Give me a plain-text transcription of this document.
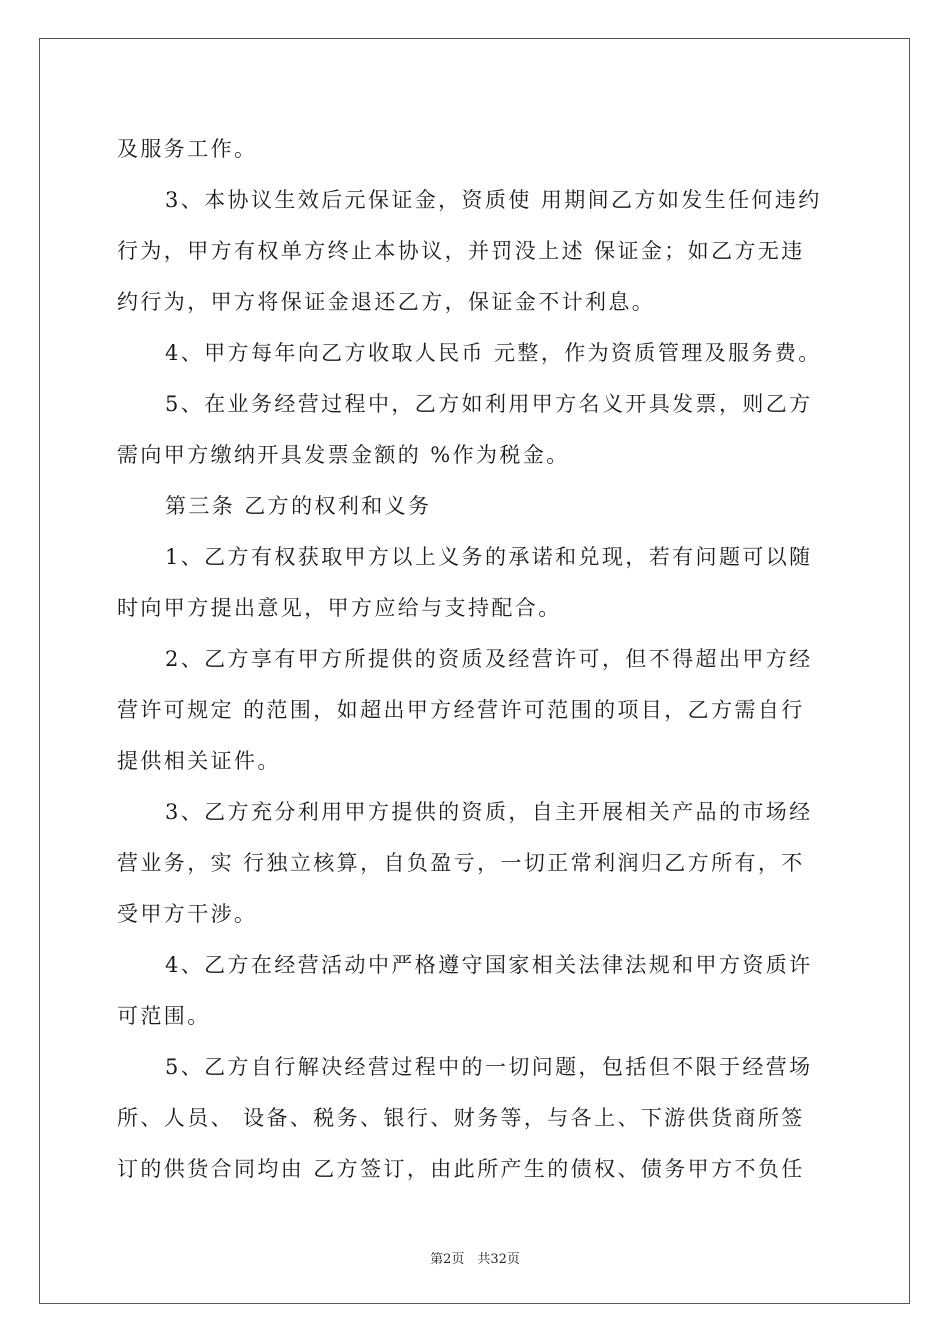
及服务工作。
3、本协议生效后元保证金，资质使 用期间乙方如发生任何违约
行为，甲方有权单方终止本协议，并罚没上述 保证金；如乙方无违
约行为，甲方将保证金退还乙方，保证金不计利息。
4、甲方每年向乙方收取人民币 元整，作为资质管理及服务费。
5、在业务经营过程中，乙方如利用甲方名义开具发票，则乙方
需向甲方缴纳开具发票金额的 %作为税金。
第三条 乙方的权利和义务
1、乙方有权获取甲方以上义务的承诺和兑现，若有问题可以随
时向甲方提出意见，甲方应给与支持配合。
2、乙方享有甲方所提供的资质及经营许可，但不得超出甲方经
营许可规定 的范围，如超出甲方经营许可范围的项目，乙方需自行
提供相关证件。
3、乙方充分利用甲方提供的资质，自主开展相关产品的市场经
营业务，实 行独立核算，自负盈亏，一切正常利润归乙方所有，不
受甲方干涉。
4、乙方在经营活动中严格遵守国家相关法律法规和甲方资质许
可范围。
5、乙方自行解决经营过程中的一切问题，包括但不限于经营场
所、人员、 设备、税务、银行、财务等，与各上、下游供货商所签
订的供货合同均由 乙方签订，由此所产生的债权、债务甲方不负任
第2页　共32页
